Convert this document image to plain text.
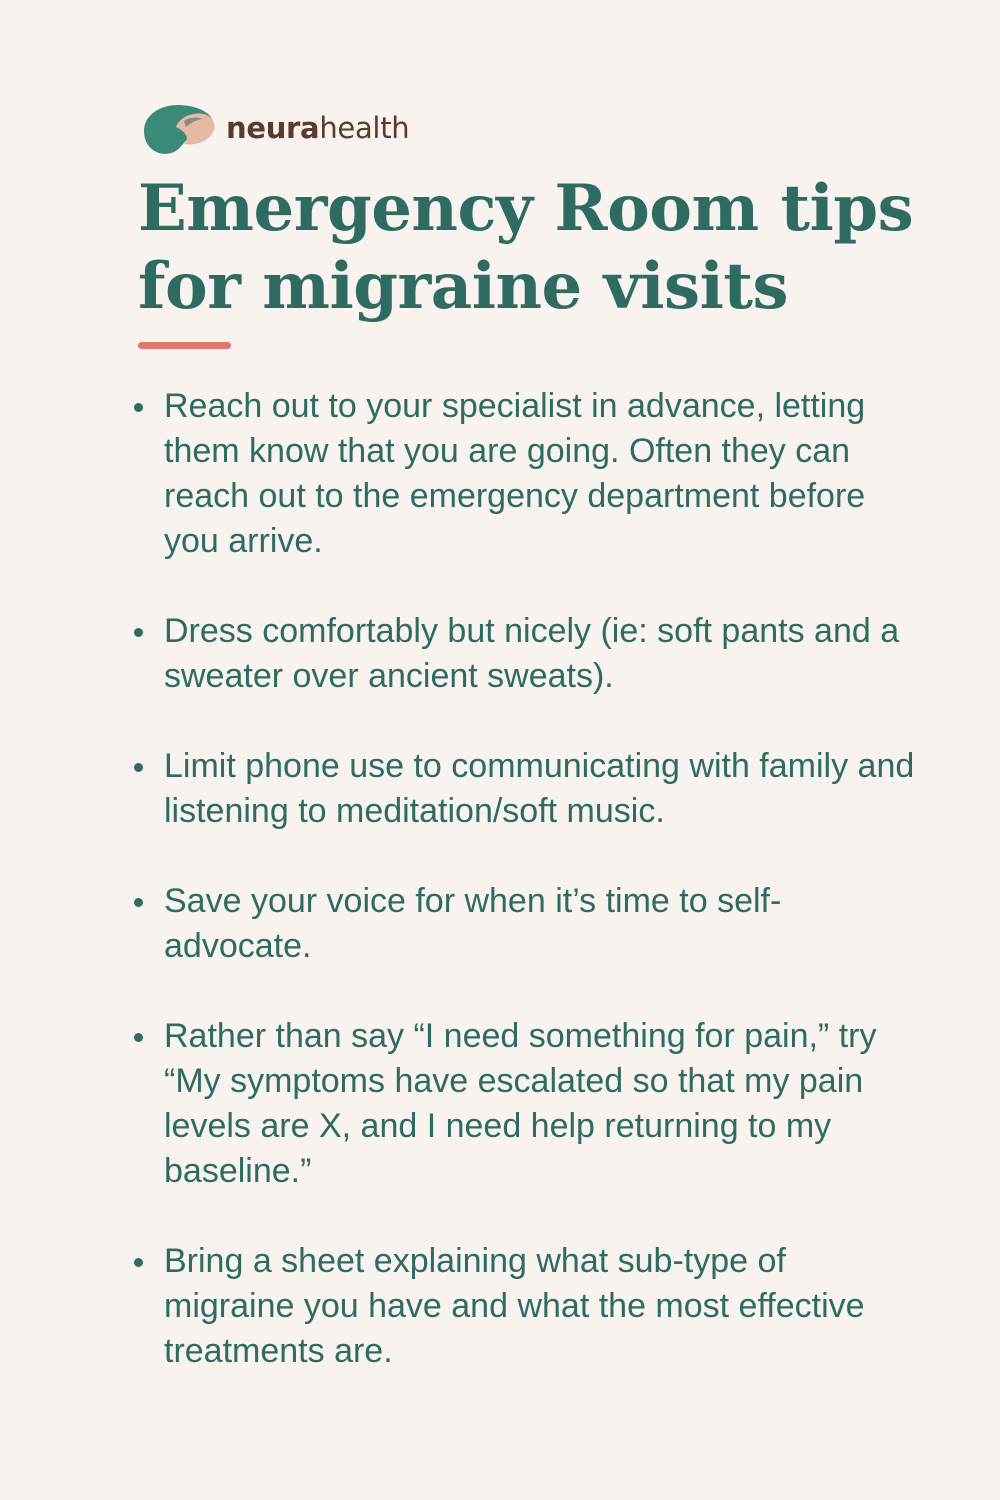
neurahealth
Emergency Room tips for migraine visits
Reach out to your specialist in advance, letting them know that you are going. Often they can reach out to the emergency department before you arrive.
Dress comfortably but nicely (ie: soft pants and a sweater over ancient sweats).
Limit phone use to communicating with family and listening to meditation/soft music.
Save your voice for when it’s time to self-advocate.
Rather than say “I need something for pain,” try “My symptoms have escalated so that my pain levels are X, and I need help returning to my baseline.”
Bring a sheet explaining what sub-type of migraine you have and what the most effective treatments are.
